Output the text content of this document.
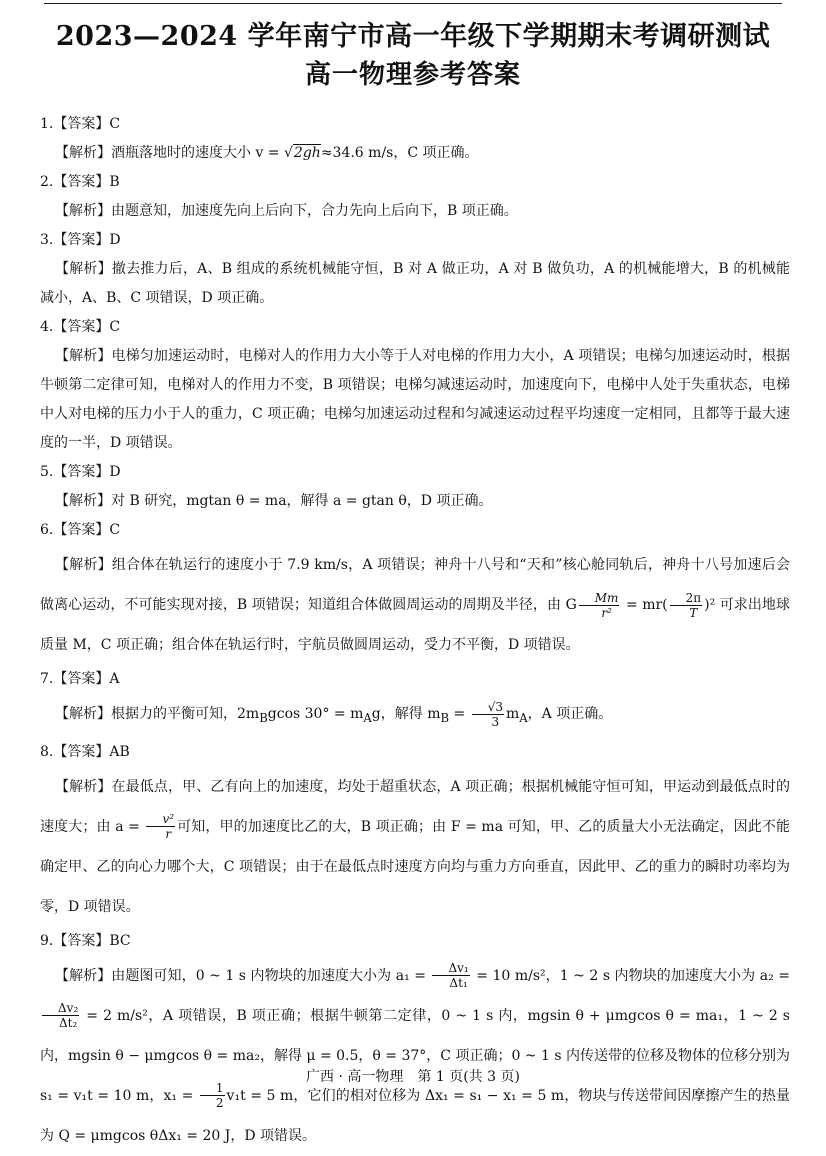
2023—2024 学年南宁市高一年级下学期期末考调研测试
高一物理参考答案
1.【答案】C

【解析】酒瓶落地时的速度大小 v = √2gh≈34.6 m/s，C 项正确。

2.【答案】B

【解析】由题意知，加速度先向上后向下，合力先向上后向下，B 项正确。

3.【答案】D

【解析】撤去推力后，A、B 组成的系统机械能守恒，B 对 A 做正功，A 对 B 做负功，A 的机械能增大，B 的机械能减小，A、B、C 项错误，D 项正确。

4.【答案】C

【解析】电梯匀加速运动时，电梯对人的作用力大小等于人对电梯的作用力大小，A 项错误；电梯匀加速运动时，根据牛顿第二定律可知，电梯对人的作用力不变，B 项错误；电梯匀减速运动时，加速度向下，电梯中人处于失重状态，电梯中人对电梯的压力小于人的重力，C 项正确；电梯匀加速运动过程和匀减速运动过程平均速度一定相同，且都等于最大速度的一半，D 项错误。

5.【答案】D

【解析】对 B 研究，mgtan θ = ma，解得 a = gtan θ，D 项正确。

6.【答案】C

【解析】组合体在轨运行的速度小于 7.9 km/s，A 项错误；神舟十八号和“天和”核心舱同轨后，神舟十八号加速后会做离心运动，不可能实现对接，B 项错误；知道组合体做圆周运动的周期及半径，由 G $\frac{Mm}{\text{r²}} = mr( \frac{2\pi}{T} )^2$ 可求出地球质量 M，C 项正确；组合体在轨运行时，宇航员做圆周运动，受力不平衡，D 项错误。

7.【答案】A

【解析】根据力的平衡可知，$2m_Bgcos$ $30^\circ = m_Ag$，解得 $m_B = \frac{√3}{3} m_A$，A 项正确。

8.【答案】AB

【解析】在最低点，甲、乙有向上的加速度，均处于超重状态，A 项正确；根据机械能守恒可知，甲运动到最低点时的速度大；由 $a = \frac{\text{v²}}{r}$ 可知，甲的加速度比乙的大，B 项正确；由 F = ma 可知，甲、乙的质量大小无法确定，因此不能确定甲、乙的向心力哪个大，C 项错误；由于在最低点时速度方向均与重力方向垂直，因此甲、乙的重力的瞬时功率均为零，D 项错误。

9.【答案】BC

【解析】由题图可知，0 ~ 1 s 内物块的加速度大小为 $a_1 = \frac{\text{Δv₁}}{\text{Δt₁}} = 10$ m/s²，1 ~ 2 s 内物块的加速度大小为 a₂ =
$\frac{\text{Δv₂}}{\text{Δt₂}} = 2$ m/s²，A 项错误，B 项正确；根据牛顿第二定律，0 ~ 1 s 内，mgsin θ + μmgcos θ = ma₁，1 ~ 2 s 内，mgsin θ − μmgcos θ = ma₂，解得 μ = 0.5，θ = 37°，C 项正确；0 ~ 1 s 内传送带的位移及物体的位移分别为 s₁ = v₁t = 10 m，$x_1 = \frac{1}{2} v_1t = 5$ m，它们的相对位移为 Δx₁ = s₁ − x₁ = 5 m，物块与传送带间因摩擦产生的热量为 Q = μmgcos θΔx₁ = 20 J，D 项错误。

广西 · 高一物理　第 1 页(共 3 页)
